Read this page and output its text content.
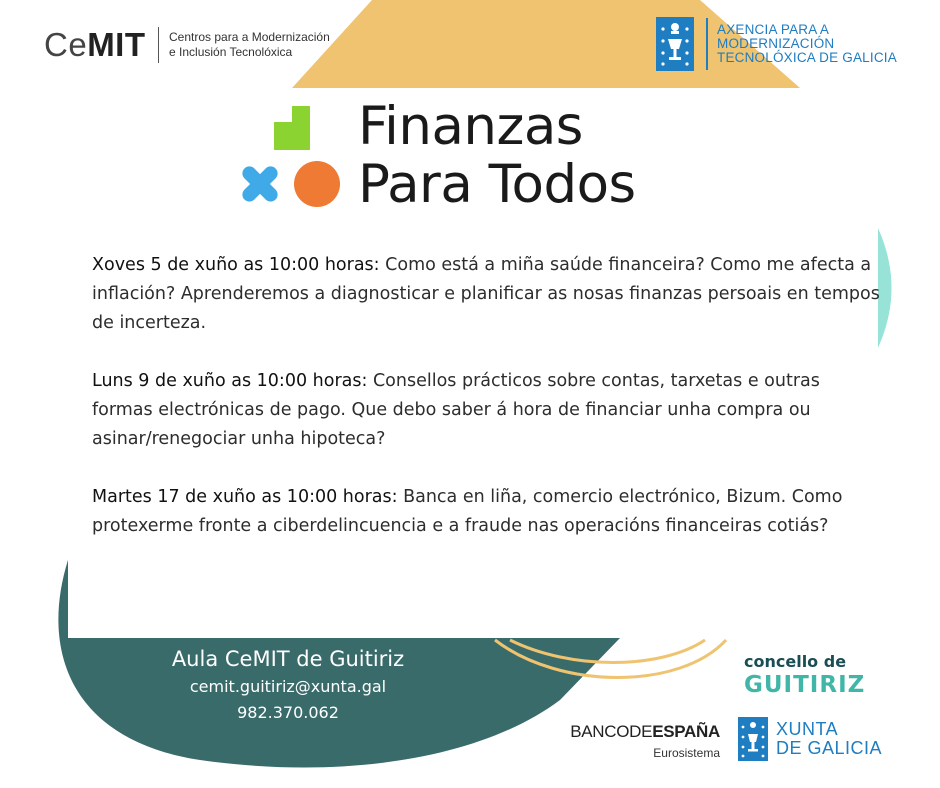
CeMIT Centros para a Modernización
e Inclusión Tecnolóxica
AXENCIA PARA A
MODERNIZACIÓN
TECNOLÓXICA DE GALICIA
Finanzas
Para Todos

Xoves 5 de xuño as 10:00 horas: Como está a miña saúde financeira? Como me afecta a inflación? Aprenderemos a diagnosticar e planificar as nosas finanzas persoais en tempos de incerteza.

Luns 9 de xuño as 10:00 horas: Consellos prácticos sobre contas, tarxetas e outras formas electrónicas de pago. Que debo saber á hora de financiar unha compra ou asinar/renegociar unha hipoteca?

Martes 17 de xuño as 10:00 horas: Banca en liña, comercio electrónico, Bizum. Como protexerme fronte a ciberdelincuencia e a fraude nas operacións financeiras cotiás?

Aula CeMIT de Guitiriz
cemit.guitiriz@xunta.gal
982.370.062
concello de
GUITIRIZ
BANCODEESPAÑA
Eurosistema
XUNTA
DE GALICIA
